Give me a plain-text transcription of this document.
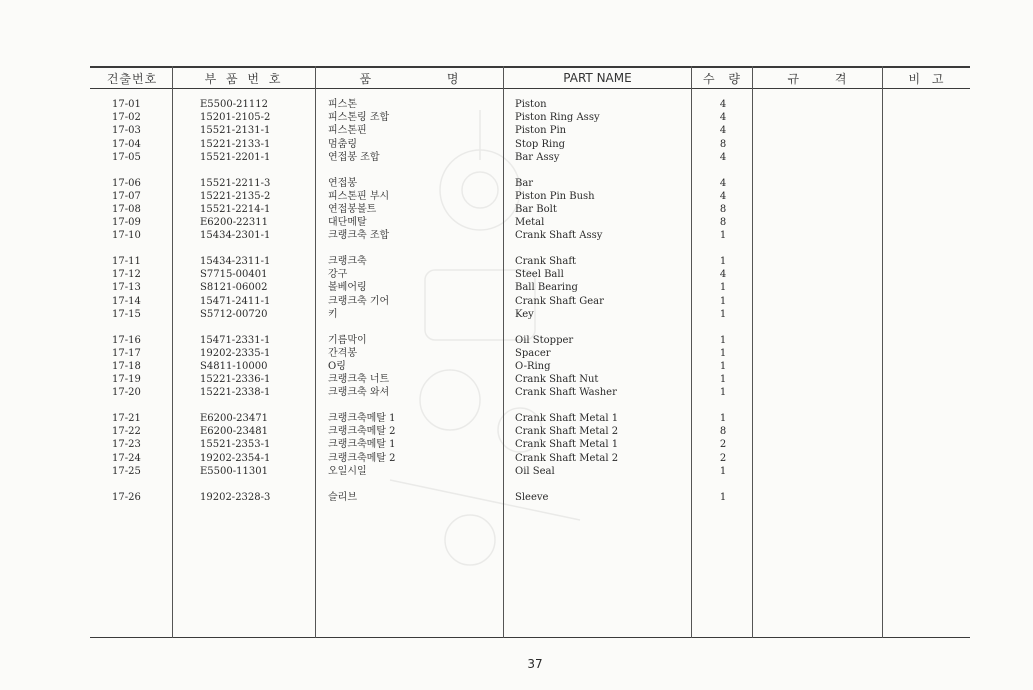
건출번호	부 품 번 호	품 명	PART NAME	수 량	규 격	비 고
17-01	E5500-21112	피스톤	Piston	4
17-02	15201-2105-2	피스톤링 조합	Piston Ring Assy	4
17-03	15521-2131-1	피스톤핀	Piston Pin	4
17-04	15221-2133-1	멈춤링	Stop Ring	8
17-05	15521-2201-1	연접봉 조합	Bar Assy	4
17-06	15521-2211-3	연접봉	Bar	4
17-07	15221-2135-2	피스톤핀 부시	Piston Pin Bush	4
17-08	15521-2214-1	연접봉볼트	Bar Bolt	8
17-09	E6200-22311	대단메탈	Metal	8
17-10	15434-2301-1	크랭크축 조합	Crank Shaft Assy	1
17-11	15434-2311-1	크랭크축	Crank Shaft	1
17-12	S7715-00401	강구	Steel Ball	4
17-13	S8121-06002	볼베어링	Ball Bearing	1
17-14	15471-2411-1	크랭크축 기어	Crank Shaft Gear	1
17-15	S5712-00720	키	Key	1
17-16	15471-2331-1	기름막이	Oil Stopper	1
17-17	19202-2335-1	간격봉	Spacer	1
17-18	S4811-10000	O링	O-Ring	1
17-19	15221-2336-1	크랭크축 너트	Crank Shaft Nut	1
17-20	15221-2338-1	크랭크축 와셔	Crank Shaft Washer	1
17-21	E6200-23471	크랭크축메탈 1	Crank Shaft Metal 1	1
17-22	E6200-23481	크랭크축메탈 2	Crank Shaft Metal 2	8
17-23	15521-2353-1	크랭크축메탈 1	Crank Shaft Metal 1	2
17-24	19202-2354-1	크랭크축메탈 2	Crank Shaft Metal 2	2
17-25	E5500-11301	오일시일	Oil Seal	1
17-26	19202-2328-3	슬리브	Sleeve	1
37
